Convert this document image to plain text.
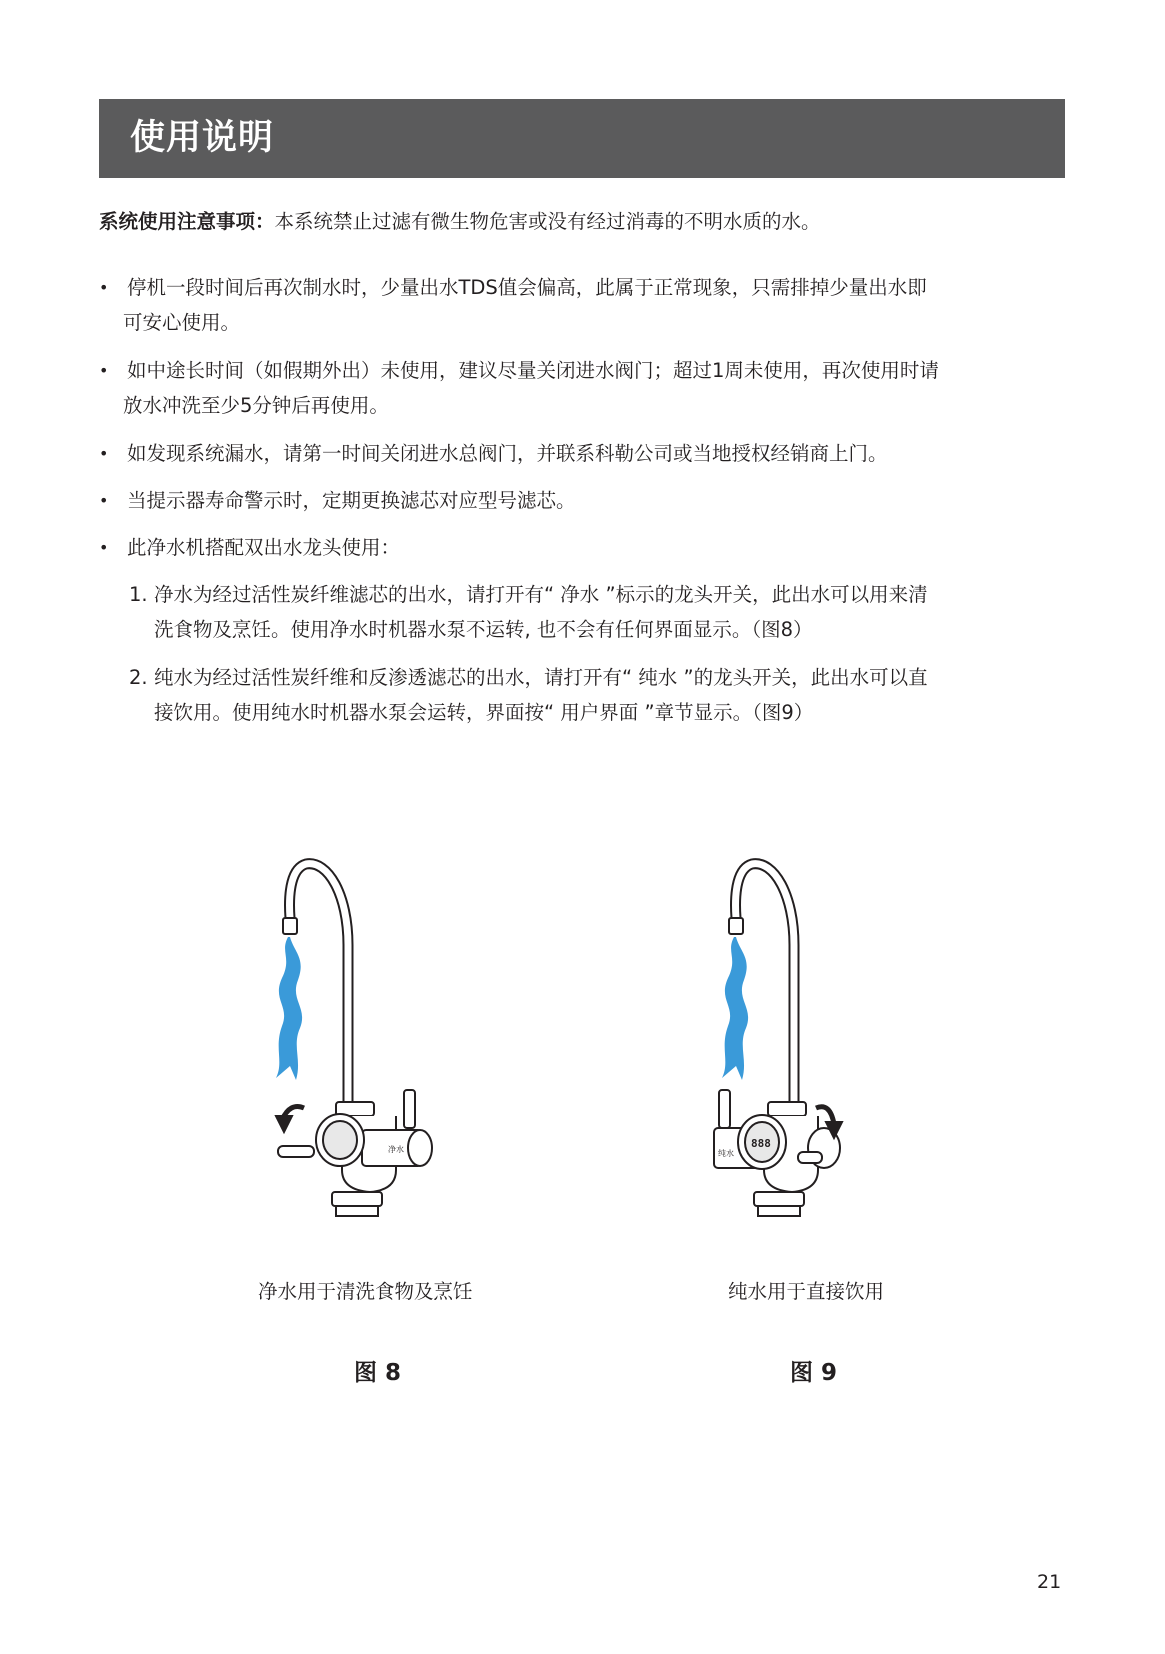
使用说明
系统使用注意事项：本系统禁止过滤有微生物危害或没有经过消毒的不明水质的水。
• 停机一段时间后再次制水时，少量出水TDS值会偏高，此属于正常现象，只需排掉少量出水即
可安心使用。
• 如中途长时间（如假期外出）未使用，建议尽量关闭进水阀门；超过1周未使用，再次使用时请
放水冲洗至少5分钟后再使用。
• 如发现系统漏水，请第一时间关闭进水总阀门，并联系科勒公司或当地授权经销商上门。
• 当提示器寿命警示时，定期更换滤芯对应型号滤芯。
• 此净水机搭配双出水龙头使用：
1. 净水为经过活性炭纤维滤芯的出水，请打开有“ 净水 ”标示的龙头开关，此出水可以用来清
洗食物及烹饪。使用净水时机器水泵不运转, 也不会有任何界面显示。（图8）
2. 纯水为经过活性炭纤维和反渗透滤芯的出水，请打开有“ 纯水 ”的龙头开关，此出水可以直
接饮用。使用纯水时机器水泵会运转，界面按“ 用户界面 ”章节显示。（图9）
净水	888
纯水
净水用于清洗食物及烹饪	纯水用于直接饮用
图 8	图 9
21
